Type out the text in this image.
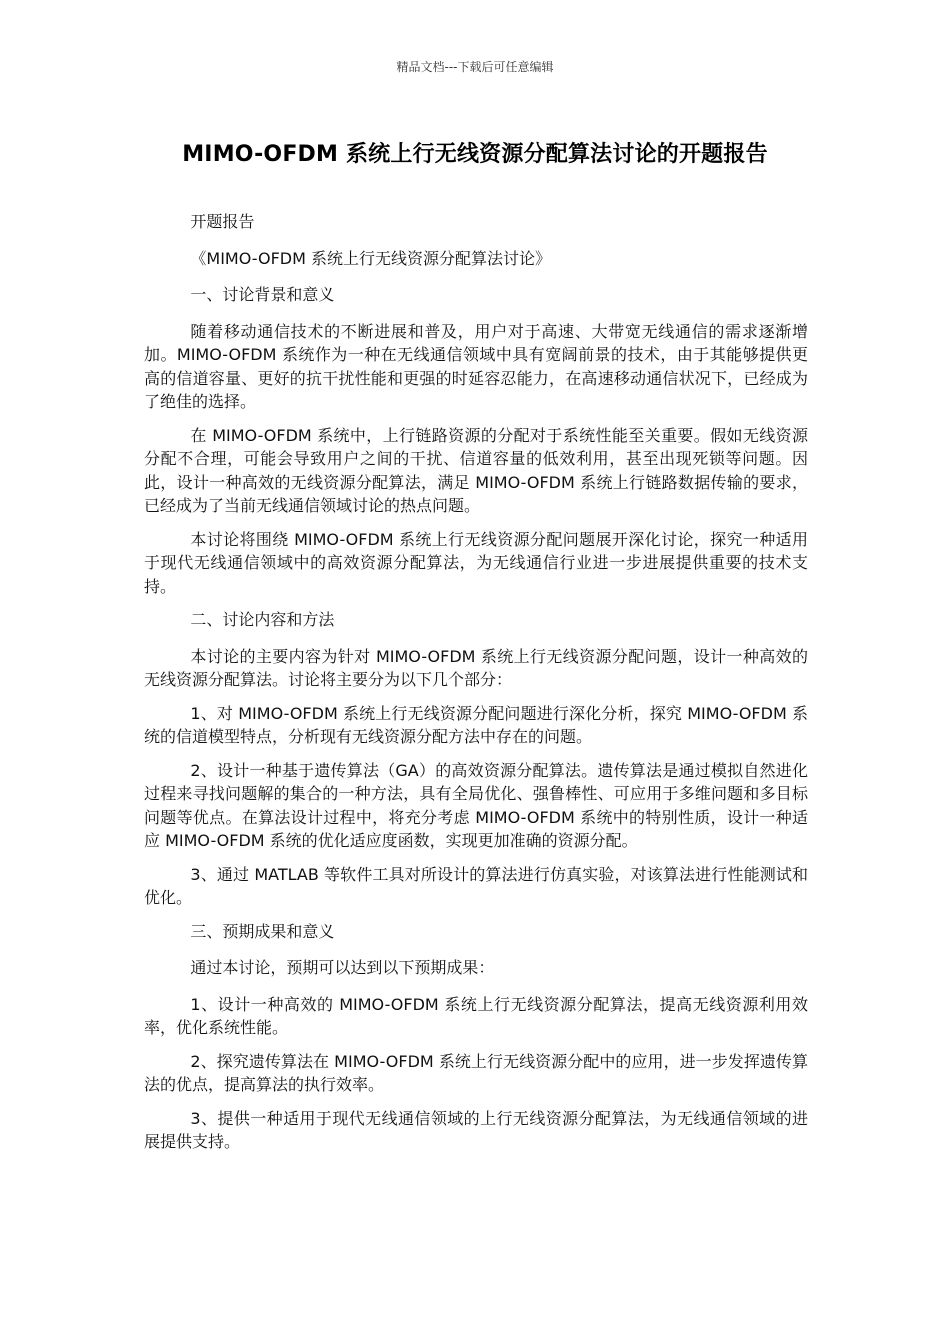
精品文档---下载后可任意编辑
MIMO-OFDM 系统上行无线资源分配算法讨论的开题报告

开题报告

《MIMO-OFDM 系统上行无线资源分配算法讨论》

一、讨论背景和意义

随着移动通信技术的不断进展和普及，用户对于高速、大带宽无线通信的需求逐渐增加。MIMO-OFDM 系统作为一种在无线通信领域中具有宽阔前景的技术，由于其能够提供更高的信道容量、更好的抗干扰性能和更强的时延容忍能力，在高速移动通信状况下，已经成为了绝佳的选择。

在 MIMO-OFDM 系统中，上行链路资源的分配对于系统性能至关重要。假如无线资源分配不合理，可能会导致用户之间的干扰、信道容量的低效利用，甚至出现死锁等问题。因此，设计一种高效的无线资源分配算法，满足 MIMO-OFDM 系统上行链路数据传输的要求，已经成为了当前无线通信领域讨论的热点问题。

本讨论将围绕 MIMO-OFDM 系统上行无线资源分配问题展开深化讨论，探究一种适用于现代无线通信领域中的高效资源分配算法，为无线通信行业进一步进展提供重要的技术支持。

二、讨论内容和方法

本讨论的主要内容为针对 MIMO-OFDM 系统上行无线资源分配问题，设计一种高效的无线资源分配算法。讨论将主要分为以下几个部分：

1、对 MIMO-OFDM 系统上行无线资源分配问题进行深化分析，探究 MIMO-OFDM 系统的信道模型特点，分析现有无线资源分配方法中存在的问题。

2、设计一种基于遗传算法（GA）的高效资源分配算法。遗传算法是通过模拟自然进化过程来寻找问题解的集合的一种方法，具有全局优化、强鲁棒性、可应用于多维问题和多目标问题等优点。在算法设计过程中，将充分考虑 MIMO-OFDM 系统中的特别性质，设计一种适应 MIMO-OFDM 系统的优化适应度函数，实现更加准确的资源分配。

3、通过 MATLAB 等软件工具对所设计的算法进行仿真实验，对该算法进行性能测试和优化。

三、预期成果和意义

通过本讨论，预期可以达到以下预期成果：

1、设计一种高效的 MIMO-OFDM 系统上行无线资源分配算法，提高无线资源利用效率，优化系统性能。

2、探究遗传算法在 MIMO-OFDM 系统上行无线资源分配中的应用，进一步发挥遗传算法的优点，提高算法的执行效率。

3、提供一种适用于现代无线通信领域的上行无线资源分配算法，为无线通信领域的进展提供支持。
